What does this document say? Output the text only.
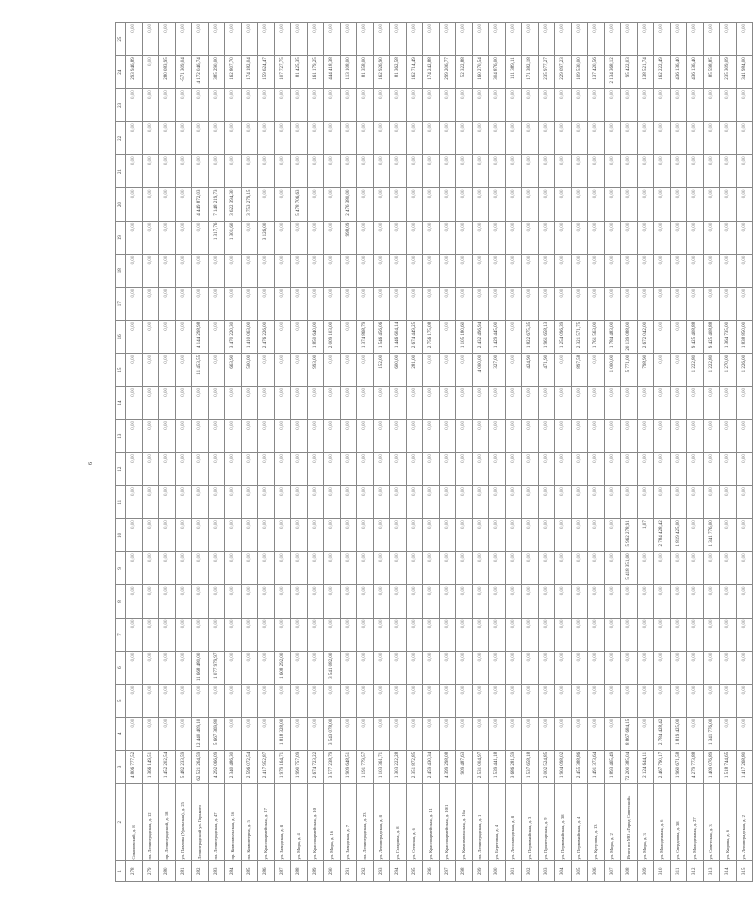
6
1	2	3	4	5	6	7	8	9	10	11	12	13	14	15	16	17	18	19	20	21	22	23	24	25
278	Соколовский, д. 8	4 806 777,52	0,00	0,00	0,00	0,00	0,00	0,00	0,00	0,00	0,00	0,00	0,00	0,00	0,00	0,00	0,00	0,00	0,00	0,00	0,00	0,00	293 946,89	0,00
279	пл. Ленинградская, д. 12	1 366 149,51	0,00	0,00	0,00	0,00	0,00	0,00	0,00	0,00	0,00	0,00	0,00	0,00	0,00	0,00	0,00	0,00	0,00	0,00	0,00	0,00	0,00	0,00
280	пр. Ленинградский, д. 18	1 452 202,54	0,00	0,00	0,00	0,00	0,00	0,00	0,00	0,00	0,00	0,00	0,00	0,00	0,00	0,00	0,00	0,00	0,00	0,00	0,00	0,00	280 083,95	0,00
281	ул. Павлова (Уральская), д. 25	5 482 233,59	0,00	0,00	0,00	0,00	0,00	0,00	0,00	0,00	0,00	0,00	0,00	0,00	0,00	0,00	0,00	0,00	0,00	0,00	0,00	0,00	-571 309,04	0,00
282	Ленинградский ул. Горького	62 521 264,59	12 440 409,10	0,00	11 668 480,00	0,00	0,00	0,00	0,00	0,00	0,00	0,00	0,00	11 453,55	4 144 298,98	0,00	0,00	0,00	4 449 872,03	0,00	0,00	0,00	4 172 046,74	0,00
283	пл. Ленинградская, д. 47	4 292 066,09	5 667 369,80	0,00	1 077 979,97	0,00	0,00	0,00	0,00	0,00	0,00	0,00	0,00	0,00	0,00	0,00	0,00	1 317,76	7 148 219,73	0,00	0,00	0,00	385 290,00	0,00
284	пр. Комсомольская, д. 16	2 340 486,30	0,00	0,00	0,00	0,00	0,00	0,00	0,00	0,00	0,00	0,00	0,00	663,90	3 470 220,30	0,00	0,00	1 301,60	3 622 394,30	0,00	0,00	0,00	162 807,70	0,00
285	пл. Коминтерна, д. 5	2 596 072,54	0,00	0,00	0,00	0,00	0,00	0,00	0,00	0,00	0,00	0,00	0,00	500,00	1 410 063,00	0,00	0,00	0,00	3 753 279,15	0,00	0,00	0,00	174 182,04	0,00
286	ул. Красноармейская, д. 17	2 417 952,87	0,00	0,00	0,00	0,00	0,00	0,00	0,00	0,00	0,00	0,00	0,00	0,00	2 476 226,00	0,00	0,00	3 126,00	0,00	0,00	0,00	0,00	159 624,47	0,00
287	ул. Заводская, д. 8	1 979 164,71	1 818 328,00	0,00	1 608 292,00	0,00	0,00	0,00	0,00	0,00	0,00	0,00	0,00	0,00	0,00	0,00	0,00	0,00	0,00	0,00	0,00	0,00	107 727,75	0,00
288	ул. Мира, д. 4	1 990 757,09	0,00	0,00	0,00	0,00	0,00	0,00	0,00	0,00	0,00	0,00	0,00	0,00	0,00	0,00	0,00	0,00	5 478 706,63	0,00	0,00	0,00	81 425,35	0,00
289	ул. Красноармейская, д. 10	2 674 723,22	0,00	0,00	0,00	0,00	0,00	0,00	0,00	0,00	0,00	0,00	0,00	993,00	1 850 640,00	0,00	0,00	0,00	0,00	0,00	0,00	0,00	161 179,25	0,00
290	ул. Мира, д. 16	3 577 238,79	3 543 078,00	0,00	3 541 082,00	0,00	0,00	0,00	0,00	0,00	0,00	0,00	0,00	0,00	2 009 103,00	0,00	0,00	0,00	0,00	0,00	0,00	0,00	444 418,38	0,00
291	ул. Заводская, д. 7	1 909 648,51	0,00	0,00	0,00	0,00	0,00	0,00	0,00	0,00	0,00	0,00	0,00	0,00	0,00	0,00	0,00	998,09	2 476 380,00	0,00	0,00	0,00	113 108,00	0,00
292	пл. Ленинградская, д. 23	1 191 779,57	0,00	0,00	0,00	0,00	0,00	0,00	0,00	0,00	0,00	0,00	0,00	0,00	1 374 868,79	0,00	0,00	0,00	0,00	0,00	0,00	0,00	81 358,00	0,00
293	ул. Ленинградская, д. 8	1 103 361,71	0,00	0,00	0,00	0,00	0,00	0,00	0,00	0,00	0,00	0,00	0,00	152,00	1 546 456,06	0,00	0,00	0,00	0,00	0,00	0,00	0,00	162 926,90	0,00
294	ул. Гагарина, д. 8	1 303 222,28	0,00	0,00	0,00	0,00	0,00	0,00	0,00	0,00	0,00	0,00	0,00	600,00	1 446 604,14	0,00	0,00	0,00	0,00	0,00	0,00	0,00	81 362,58	0,00
295	ул. Степная, д. 6	2 351 872,85	0,00	0,00	0,00	0,00	0,00	0,00	0,00	0,00	0,00	0,00	0,00	281,00	2 674 449,25	0,00	0,00	0,00	0,00	0,00	0,00	0,00	162 714,49	0,00
296	ул. Красноармейская, д. 11	2 459 430,34	0,00	0,00	0,00	0,00	0,00	0,00	0,00	0,00	0,00	0,00	0,00	0,00	2 756 175,08	0,00	0,00	0,00	0,00	0,00	0,00	0,00	174 242,88	0,00
297	ул. Красноармейская, д. 10/1	4 399 298,08	0,00	0,00	0,00	0,00	0,00	0,00	0,00	0,00	0,00	0,00	0,00	0,00	0,00	0,00	0,00	0,00	0,00	0,00	0,00	0,00	299 206,77	0,00
298	ул. Комсомольская, д. 16а	909 487,63	0,00	0,00	0,00	0,00	0,00	0,00	0,00	0,00	0,00	0,00	0,00	0,00	1 105 180,60	0,00	0,00	0,00	0,00	0,00	0,00	0,00	52 322,88	0,00
299	пл. Ленинградская, д. 1	2 531 004,97	0,00	0,00	0,00	0,00	0,00	0,00	0,00	0,00	0,00	0,00	0,00	4 000,00	2 432 496,94	0,00	0,00	0,00	0,00	0,00	0,00	0,00	160 270,54	0,00
300	ул. Береговая, д. 4	1 539 441,18	0,00	0,00	0,00	0,00	0,00	0,00	0,00	0,00	0,00	0,00	0,00	327,00	1 429 445,00	0,00	0,00	0,00	0,00	0,00	0,00	0,00	304 876,00	0,00
301	ул. Лесозаводская, д. 8	3 686 281,59	0,00	0,00	0,00	0,00	0,00	0,00	0,00	0,00	0,00	0,00	0,00	0,00	0,00	0,00	0,00	0,00	0,00	0,00	0,00	0,00	111 389,11	0,00
302	ул. Первомайская, д. 3	1 537 658,18	0,00	0,00	0,00	0,00	0,00	0,00	0,00	0,00	0,00	0,00	0,00	424,90	1 822 675,35	0,00	0,00	0,00	0,00	0,00	0,00	0,00	171 382,18	0,00
303	ул. Пролетарская, д. 9	2 002 524,85	0,00	0,00	0,00	0,00	0,00	0,00	0,00	0,00	0,00	0,00	0,00	471,90	1 961 658,13	0,00	0,00	0,00	0,00	0,00	0,00	0,00	235 977,27	0,00
304	ул. Первомайская, д. 38	1 904 098,02	0,00	0,00	0,00	0,00	0,00	0,00	0,00	0,00	0,00	0,00	0,00	0,00	1 254 096,39	0,00	0,00	0,00	0,00	0,00	0,00	0,00	229 097,23	0,00
305	ул. Первомайская, д. 4	2 455 388,86	0,00	0,00	0,00	0,00	0,00	0,00	0,00	0,00	0,00	0,00	0,00	897,58	2 321 571,75	0,00	0,00	0,00	0,00	0,00	0,00	0,00	109 530,00	0,00
306	ул. Кутузова, д. 13	1 491 373,64	0,00	0,00	0,00	0,00	0,00	0,00	0,00	0,00	0,00	0,00	0,00	0,00	1 761 563,00	0,00	0,00	0,00	0,00	0,00	0,00	0,00	137 420,56	0,00
307	ул. Мира, д. 2	1 893 465,49	0,00	0,00	0,00	0,00	0,00	0,00	0,00	0,00	0,00	0,00	0,00	1 000,00	1 784 483,00	0,00	0,00	0,00	0,00	0,00	0,00	0,00	2 134 368,12	0,00
308	Итого по МО «Город Советский»	72 200 385,04	8 867 684,15	0,00	0,00	0,00	0,00	5 418 351,00	5 962 278,91	0,00	0,00	0,00	0,00	5 771,00	20 139 088,00	0,00	0,00	0,00	0,00	0,00	0,00	0,00	95 422,03	0,00
309	ул. Мира, д. 3	2 124 644,11	0,00	0,00	0,00	0,00	0,00	0,00	1,07	0,00	0,00	0,00	0,00	798,90	2 672 042,00	0,00	0,00	0,00	0,00	0,00	0,00	0,00	138 521,74	0,00
310	ул. Молодежная, д. 6	2 467 790,17	2 784 428,42	0,00	0,00	0,00	0,00	0,00	2 784 428,42	0,00	0,00	0,00	0,00	0,00	0,00	0,00	0,00	0,00	0,00	0,00	0,00	0,00	162 222,49	0,00
311	ул. Свердлова, д. 38	1 960 671,58	1 819 425,00	0,00	0,00	0,00	0,00	0,00	1 819 425,00	0,00	0,00	0,00	0,00	0,00	0,00	0,00	0,00	0,00	0,00	0,00	0,00	0,00	436 136,40	0,00
312	ул. Молодежная, д. 27	4 279 773,88	0,00	0,00	0,00	0,00	0,00	0,00	0,00	0,00	0,00	0,00	0,00	1 222,80	9 425 408,88	0,00	0,00	0,00	0,00	0,00	0,00	0,00	436 136,40	0,00
313	ул. Советская, д. 3	1 409 076,89	1 341 776,00	0,00	0,00	0,00	0,00	0,00	1 341 776,00	0,00	0,00	0,00	0,00	1 222,80	9 425 408,88	0,00	0,00	0,00	0,00	0,00	0,00	0,00	85 598,85	0,00
314	ул. Кирова, д. 6	1 518 744,65	0,00	0,00	0,00	0,00	0,00	0,00	0,00	0,00	0,00	0,00	0,00	1 270,00	1 364 735,00	0,00	0,00	0,00	0,00	0,00	0,00	0,00	235 309,09	0,00
315	ул. Ленинградская, д. 2	1 417 268,80	0,00	0,00	0,00	0,00	0,00	0,00	0,00	0,00	0,00	0,00	0,00	1 226,00	1 838 850,00	0,00	0,00	0,00	0,00	0,00	0,00	0,00	341 984,00	0,00
